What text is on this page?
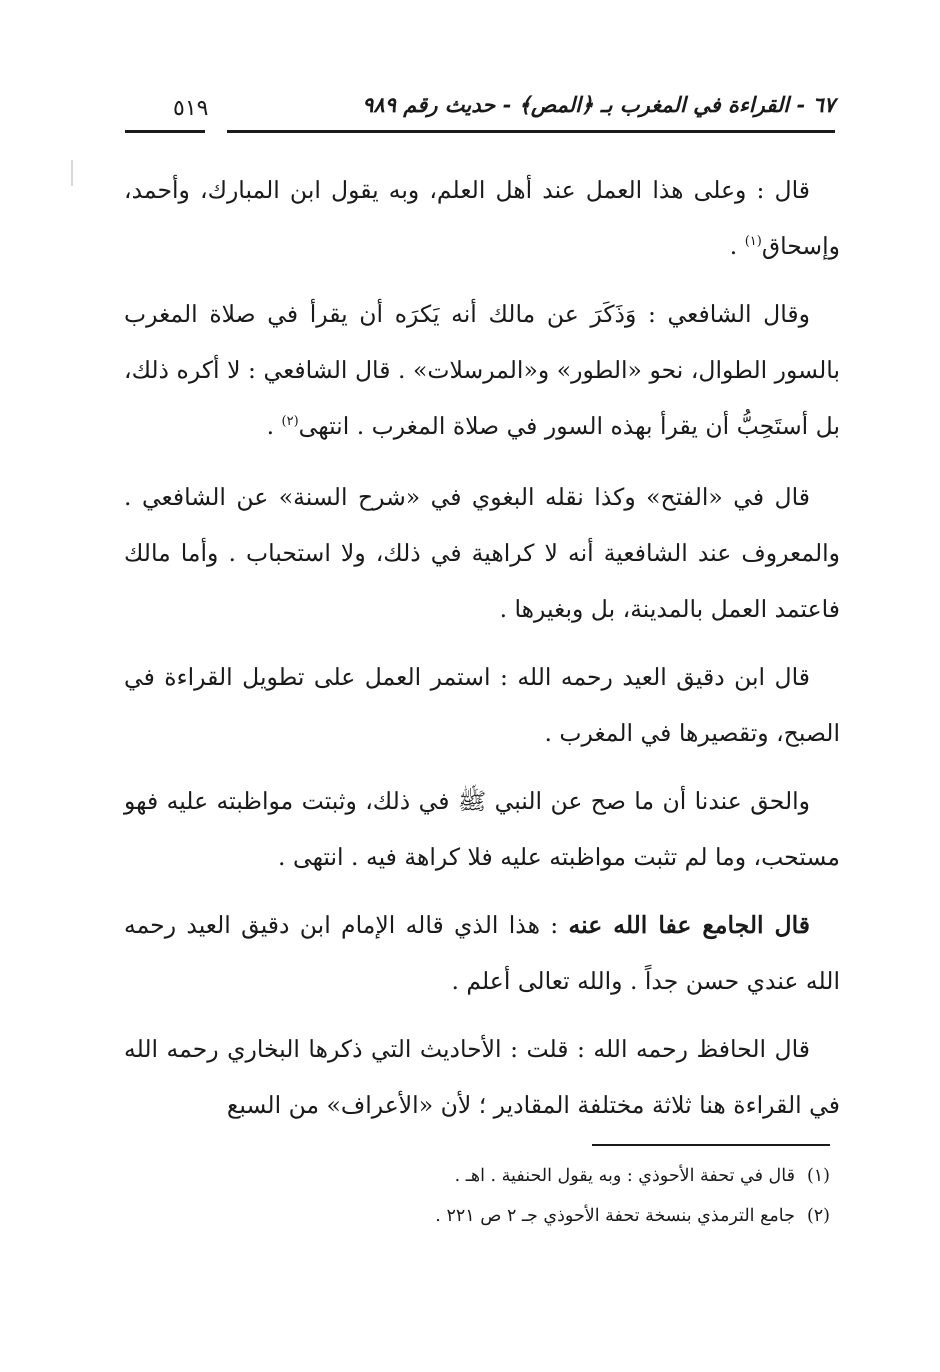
٦٧ - القراءة في المغرب بـ ﴿المص﴾ - حديث رقم ٩٨٩
٥١٩

قال : وعلى هذا العمل عند أهل العلم، وبه يقول ابن المبارك، وأحمد، وإسحاق$^{(١)}$ .

وقال الشافعي : وَذَكَرَ عن مالك أنه يَكرَه أن يقرأ في صلاة المغرب بالسور الطوال، نحو «الطور» و«المرسلات» . قال الشافعي : لا أكره ذلك، بل أستَحِبُّ أن يقرأ بهذه السور في صلاة المغرب . انتهى$^{(٢)}$ .

قال في «الفتح» وكذا نقله البغوي في «شرح السنة» عن الشافعي . والمعروف عند الشافعية أنه لا كراهية في ذلك، ولا استحباب . وأما مالك فاعتمد العمل بالمدينة، بل وبغيرها .

قال ابن دقيق العيد رحمه الله : استمر العمل على تطويل القراءة في الصبح، وتقصيرها في المغرب .

والحق عندنا أن ما صح عن النبي ﷺ في ذلك، وثبتت مواظبته عليه فهو مستحب، وما لم تثبت مواظبته عليه فلا كراهة فيه . انتهى .

قال الجامع عفا الله عنه : هذا الذي قاله الإمام ابن دقيق العيد رحمه الله عندي حسن جداً . والله تعالى أعلم .

قال الحافظ رحمه الله : قلت : الأحاديث التي ذكرها البخاري رحمه الله في القراءة هنا ثلاثة مختلفة المقادير ؛ لأن «الأعراف» من السبع

(١)قال في تحفة الأحوذي : وبه يقول الحنفية . اهـ .
(٢)جامع الترمذي بنسخة تحفة الأحوذي جـ ٢ ص ٢٢١ .
